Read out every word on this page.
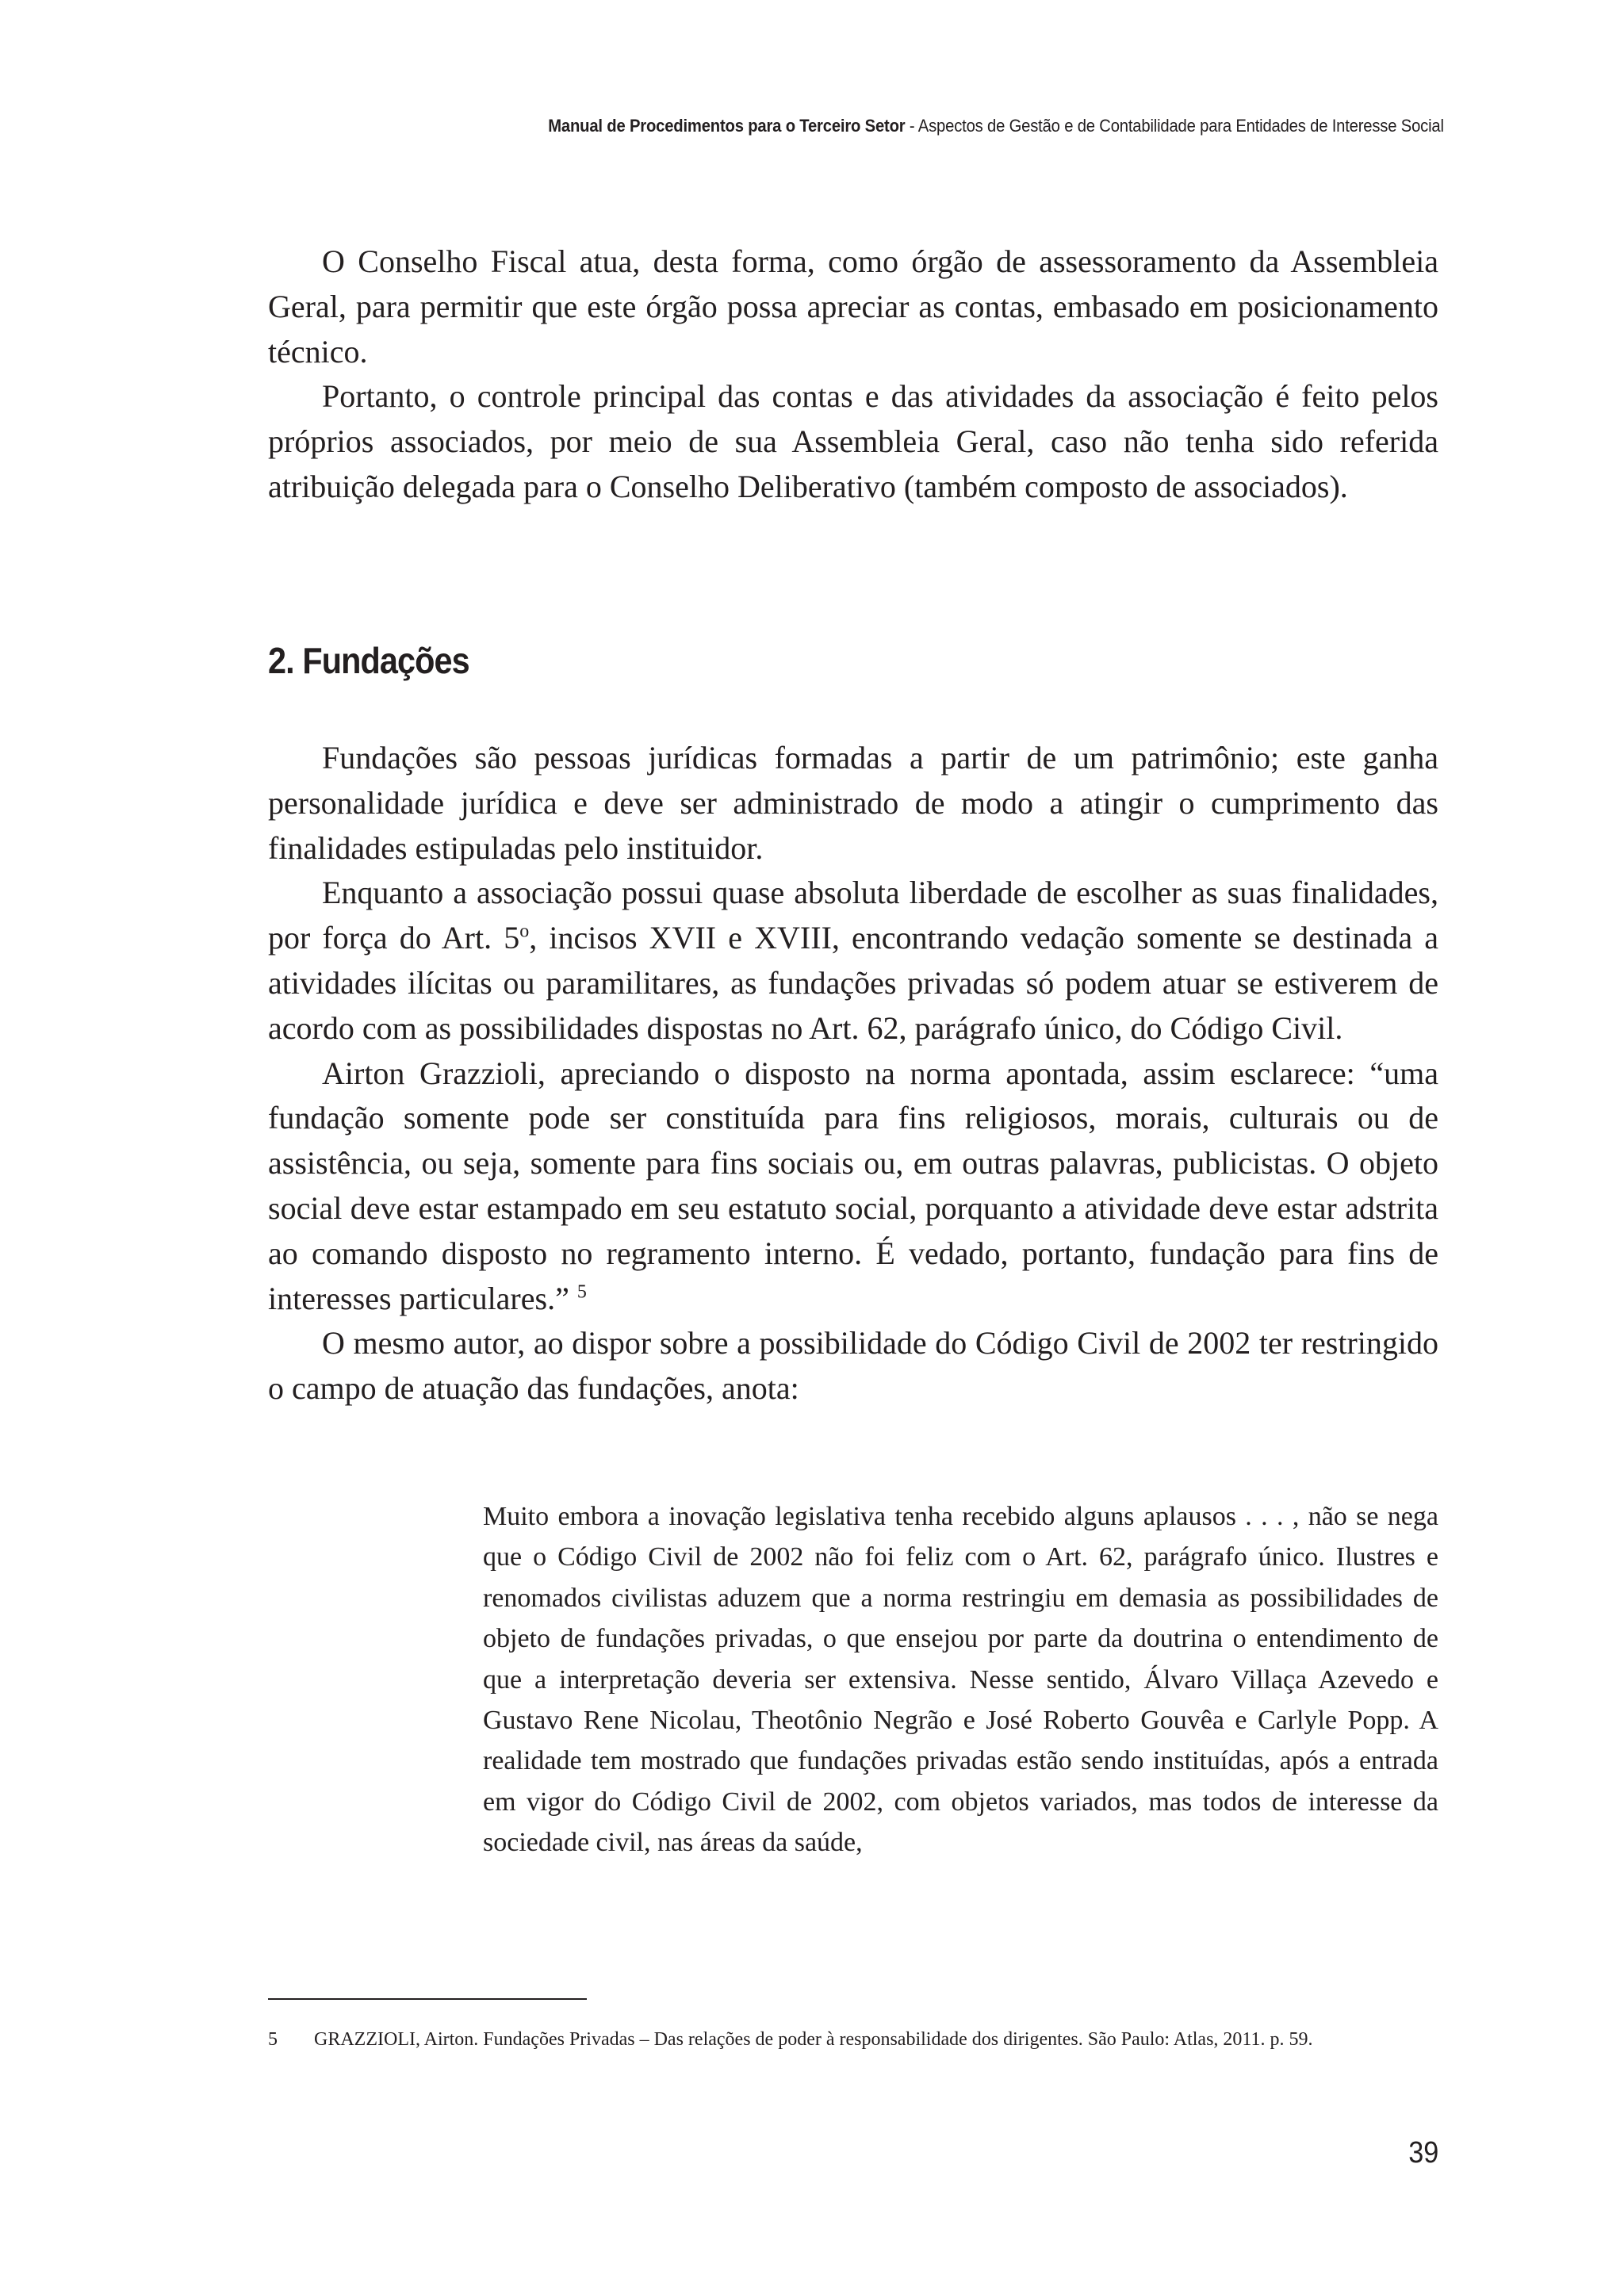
Manual de Procedimentos para o Terceiro Setor - Aspectos de Gestão e de Contabilidade para Entidades de Interesse Social

O Conselho Fiscal atua, desta forma, como órgão de assessoramento da Assembleia Geral, para permitir que este órgão possa apreciar as contas, embasado em posicionamento técnico.

Portanto, o controle principal das contas e das atividades da associação é feito pelos próprios associados, por meio de sua Assembleia Geral, caso não tenha sido referida atribuição delegada para o Conselho Deliberativo (também composto de associados).

2. Fundações

Fundações são pessoas jurídicas formadas a partir de um patrimônio; este ganha personalidade jurídica e deve ser administrado de modo a atingir o cumprimento das finalidades estipuladas pelo instituidor.

Enquanto a associação possui quase absoluta liberdade de escolher as suas finalidades, por força do Art. 5$^o$, incisos XVII e XVIII, encontrando vedação somente se destinada a atividades ilícitas ou paramilitares, as fundações privadas só podem atuar se estiverem de acordo com as possibilidades dispostas no Art. 62, parágrafo único, do Código Civil.

Airton Grazzioli, apreciando o disposto na norma apontada, assim esclarece: “uma fundação somente pode ser constituída para fins religiosos, morais, culturais ou de assistência, ou seja, somente para fins sociais ou, em outras palavras, publicistas. O objeto social deve estar estampado em seu estatuto social, porquanto a atividade deve estar adstrita ao comando disposto no regramento interno. É vedado, portanto, fundação para fins de interesses particulares.” $^5$

O mesmo autor, ao dispor sobre a possibilidade do Código Civil de 2002 ter restringido o campo de atuação das fundações, anota:

Muito embora a inovação legislativa tenha recebido alguns aplausos . . . , não se nega que o Código Civil de 2002 não foi feliz com o Art. 62, parágrafo único. Ilustres e renomados civilistas aduzem que a norma restringiu em demasia as possibilidades de objeto de fundações privadas, o que ensejou por parte da doutrina o entendimento de que a interpretação deveria ser extensiva. Nesse sentido, Álvaro Villaça Azevedo e Gustavo Rene Nicolau, Theotônio Negrão e José Roberto Gouvêa e Carlyle Popp. A realidade tem mostrado que fundações privadas estão sendo instituídas, após a entrada em vigor do Código Civil de 2002, com objetos variados, mas todos de interesse da sociedade civil, nas áreas da saúde,

5 GRAZZIOLI, Airton. Fundações Privadas – Das relações de poder à responsabilidade dos dirigentes. São Paulo: Atlas, 2011. p. 59.
39
